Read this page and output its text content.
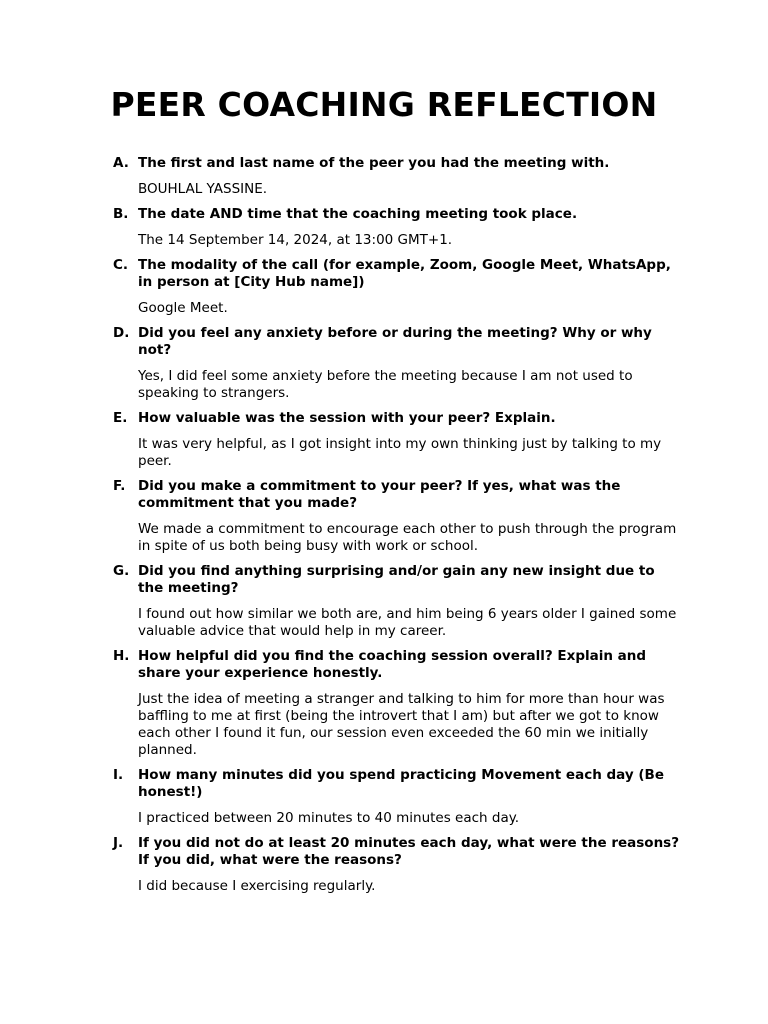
PEER COACHING REFLECTION
A. The first and last name of the peer you had the meeting with.

BOUHLAL YASSINE.

B. The date AND time that the coaching meeting took place.

The 14 September 14, 2024, at 13:00 GMT+1.

C. The modality of the call (for example, Zoom, Google Meet, WhatsApp, in person at [City Hub name])

Google Meet.

D. Did you feel any anxiety before or during the meeting? Why or why not?

Yes, I did feel some anxiety before the meeting because I am not used to speaking to strangers.

E. How valuable was the session with your peer? Explain.

It was very helpful, as I got insight into my own thinking just by talking to my peer.

F. Did you make a commitment to your peer? If yes, what was the commitment that you made?

We made a commitment to encourage each other to push through the program in spite of us both being busy with work or school.

G. Did you find anything surprising and/or gain any new insight due to the meeting?

I found out how similar we both are, and him being 6 years older I gained some valuable advice that would help in my career.

H. How helpful did you find the coaching session overall? Explain and share your experience honestly.

Just the idea of meeting a stranger and talking to him for more than hour was baffling to me at first (being the introvert that I am) but after we got to know each other I found it fun, our session even exceeded the 60 min we initially planned.

I. How many minutes did you spend practicing Movement each day (Be honest!)

I practiced between 20 minutes to 40 minutes each day.

J. If you did not do at least 20 minutes each day, what were the reasons? If you did, what were the reasons?

I did because I exercising regularly.
